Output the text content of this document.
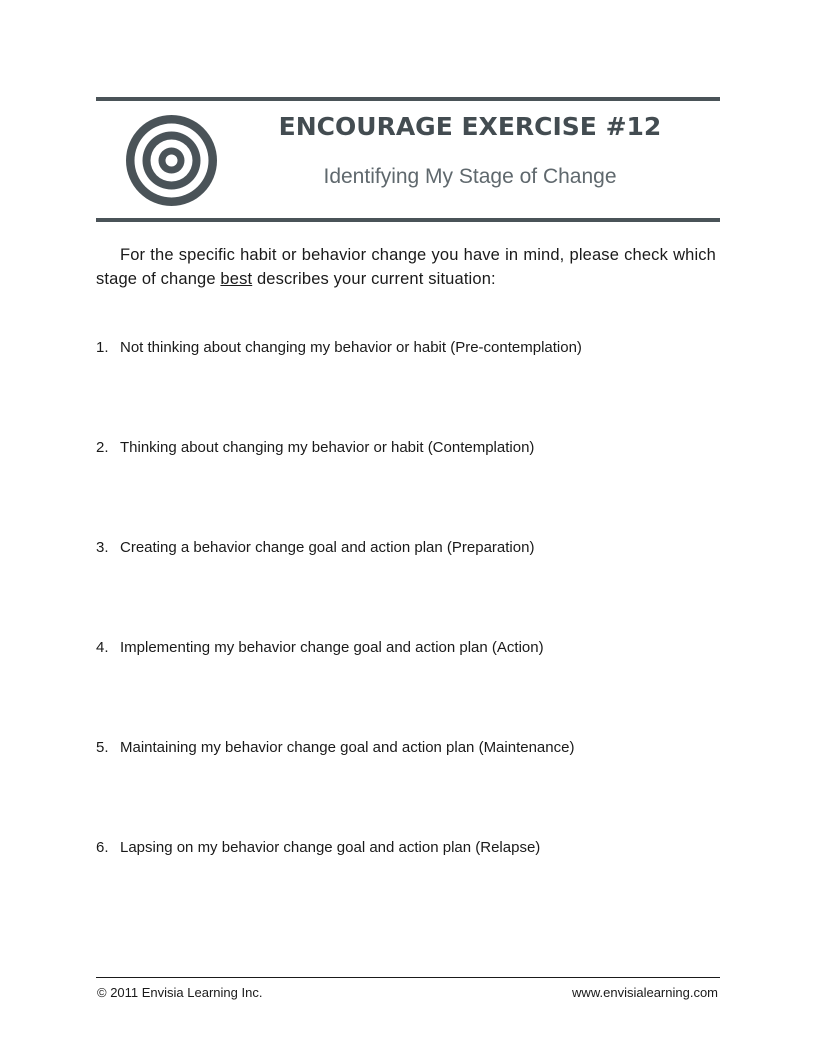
ENCOURAGE EXERCISE #12
Identifying My Stage of Change
For the specific habit or behavior change you have in mind, please check which stage of change best describes your current situation:
1. Not thinking about changing my behavior or habit (Pre-contemplation)
2. Thinking about changing my behavior or habit (Contemplation)
3. Creating a behavior change goal and action plan (Preparation)
4. Implementing my behavior change goal and action plan (Action)
5. Maintaining my behavior change goal and action plan (Maintenance)
6. Lapsing on my behavior change goal and action plan (Relapse)
© 2011 Envisia Learning Inc.	www.envisialearning.com
